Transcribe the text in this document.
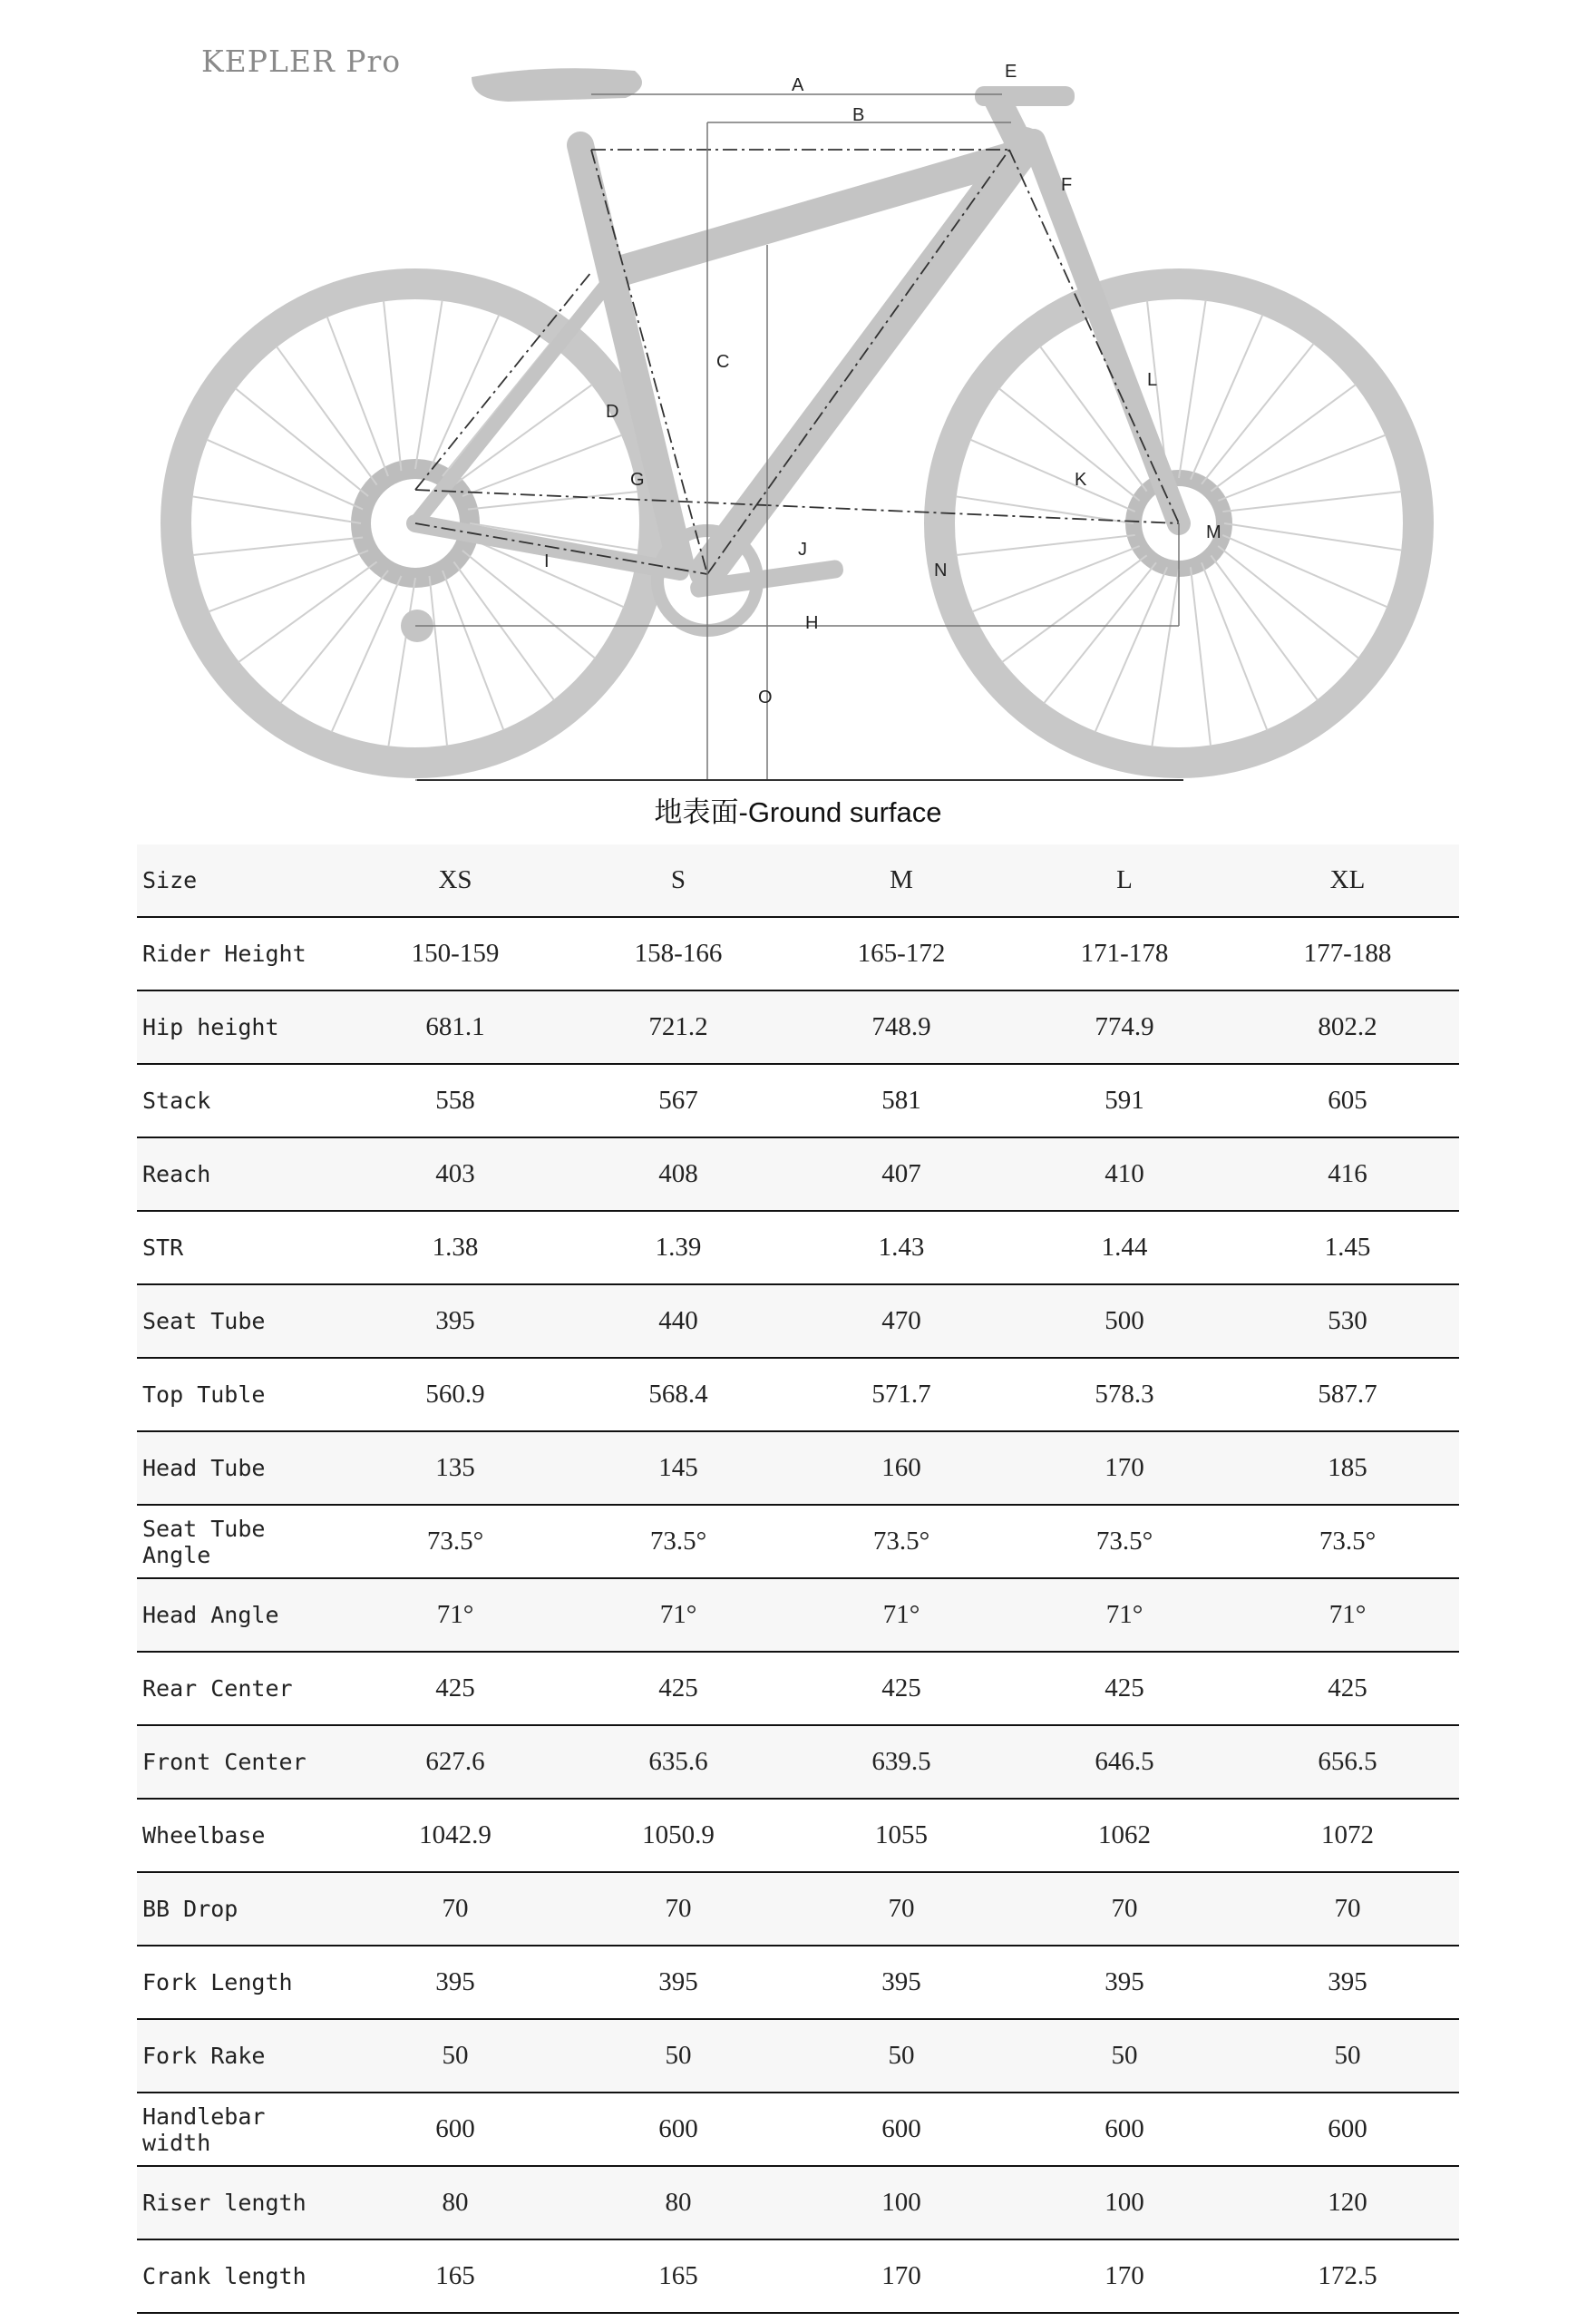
KEPLER Pro
A
B
C
D
E
F
G
H
I
J
K
L
M
N
O
地表面-Ground surface
Size	XS	S	M	L	XL
Rider Height	150-159	158-166	165-172	171-178	177-188
Hip height	681.1	721.2	748.9	774.9	802.2
Stack	558	567	581	591	605
Reach	403	408	407	410	416
STR	1.38	1.39	1.43	1.44	1.45
Seat Tube	395	440	470	500	530
Top Tuble	560.9	568.4	571.7	578.3	587.7
Head Tube	135	145	160	170	185
Seat Tube Angle	73.5°	73.5°	73.5°	73.5°	73.5°
Head Angle	71°	71°	71°	71°	71°
Rear Center	425	425	425	425	425
Front Center	627.6	635.6	639.5	646.5	656.5
Wheelbase	1042.9	1050.9	1055	1062	1072
BB Drop	70	70	70	70	70
Fork Length	395	395	395	395	395
Fork Rake	50	50	50	50	50
Handlebar width	600	600	600	600	600
Riser length	80	80	100	100	120
Crank length	165	165	170	170	172.5
